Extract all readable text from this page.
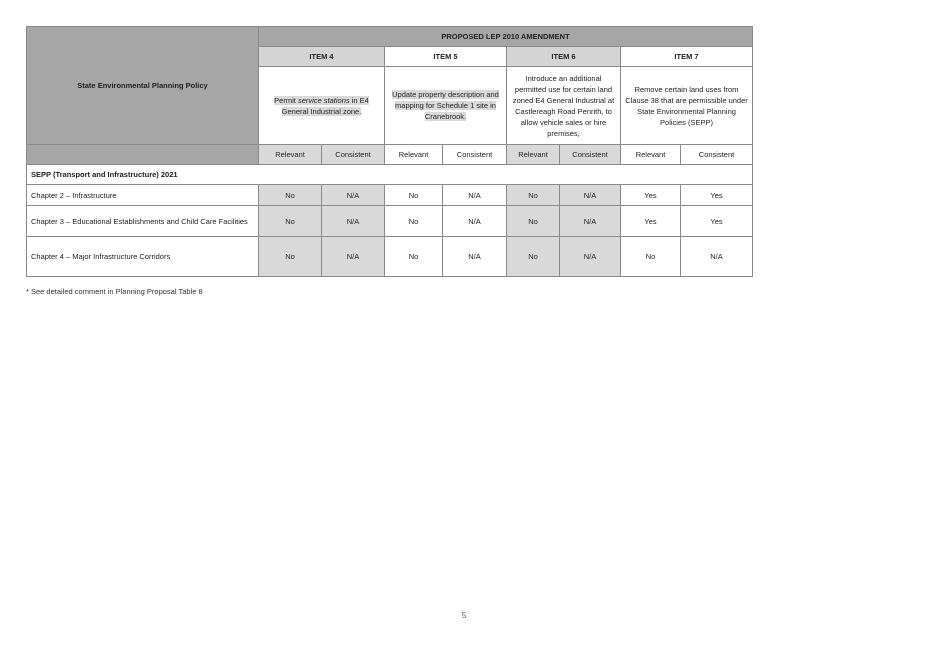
State Environmental Planning Policy	PROPOSED LEP 2010 AMENDMENT							
	ITEM 4		ITEM 5		ITEM 6		ITEM 7	
	Permit service stations in E4 General Industrial zone.		Update property description and mapping for Schedule 1 site in Cranebrook.		Introduce an additional permitted use for certain land zoned E4 General Industrial at Castlereagh Road Penrith, to allow vehicle sales or hire premises,		Remove certain land uses from Clause 38 that are permissible under State Environmental Planning Policies (SEPP)	
	Relevant	Consistent	Relevant	Consistent	Relevant	Consistent	Relevant	Consistent
SEPP (Transport and Infrastructure) 2021								
Chapter 2 – Infrastructure	No	N/A	No	N/A	No	N/A	Yes	Yes
Chapter 3 – Educational Establishments and Child Care Facilities	No	N/A	No	N/A	No	N/A	Yes	Yes
Chapter 4 – Major Infrastructure Corridors	No	N/A	No	N/A	No	N/A	No	N/A
* See detailed comment in Planning Proposal Table 8
5
